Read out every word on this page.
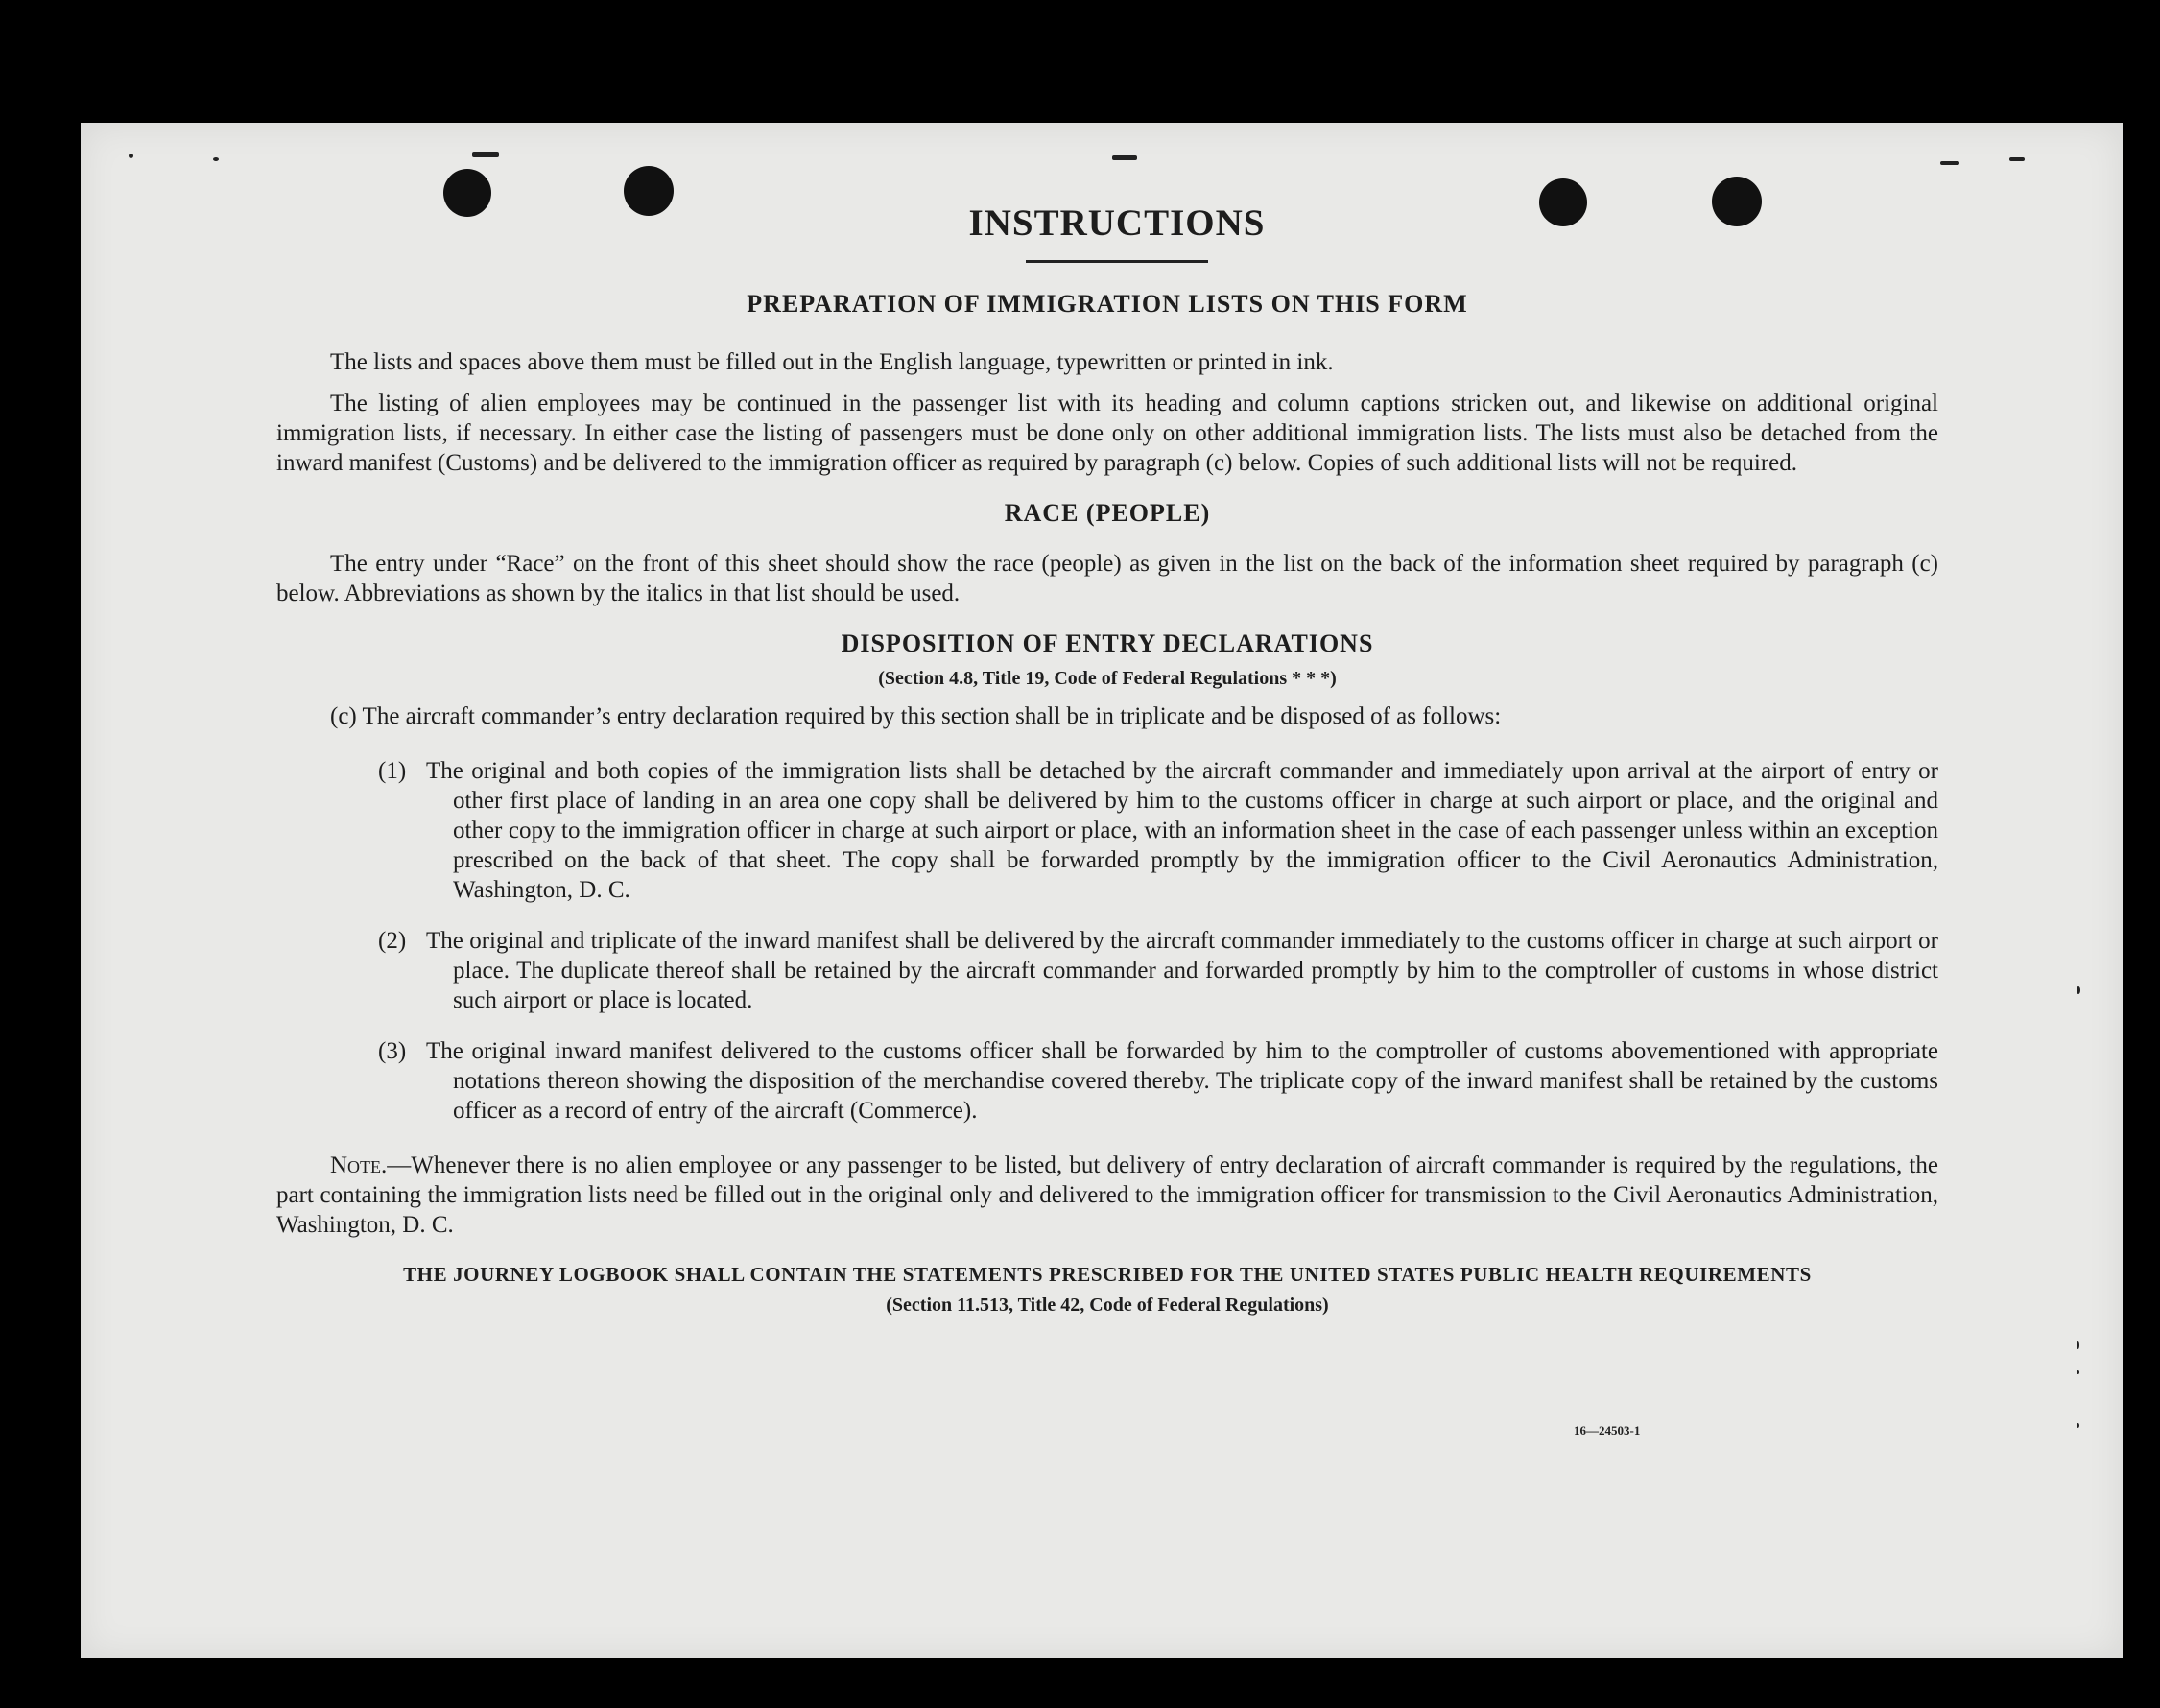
INSTRUCTIONS
PREPARATION OF IMMIGRATION LISTS ON THIS FORM

The lists and spaces above them must be filled out in the English language, typewritten or printed in ink.

The listing of alien employees may be continued in the passenger list with its heading and column captions stricken out, and likewise on additional original immigration lists, if necessary. In either case the listing of passengers must be done only on other additional immigration lists. The lists must also be detached from the inward manifest (Customs) and be delivered to the immigration officer as required by paragraph (c) below. Copies of such additional lists will not be required.

RACE (PEOPLE)

The entry under “Race” on the front of this sheet should show the race (people) as given in the list on the back of the information sheet required by paragraph (c) below. Abbreviations as shown by the italics in that list should be used.

DISPOSITION OF ENTRY DECLARATIONS

(Section 4.8, Title 19, Code of Federal Regulations * * *)

(c) The aircraft commander’s entry declaration required by this section shall be in triplicate and be disposed of as follows:

(1) The original and both copies of the immigration lists shall be detached by the aircraft commander and immediately upon arrival at the airport of entry or other first place of landing in an area one copy shall be delivered by him to the customs officer in charge at such airport or place, and the original and other copy to the immigration officer in charge at such airport or place, with an information sheet in the case of each passenger unless within an exception prescribed on the back of that sheet. The copy shall be forwarded promptly by the immigration officer to the Civil Aeronautics Administration, Washington, D. C.
(2) The original and triplicate of the inward manifest shall be delivered by the aircraft commander immediately to the customs officer in charge at such airport or place. The duplicate thereof shall be retained by the aircraft commander and forwarded promptly by him to the comptroller of customs in whose district such airport or place is located.
(3) The original inward manifest delivered to the customs officer shall be forwarded by him to the comptroller of customs abovementioned with appropriate notations thereon showing the disposition of the merchandise covered thereby. The triplicate copy of the inward manifest shall be retained by the customs officer as a record of entry of the aircraft (Commerce).

Note.—Whenever there is no alien employee or any passenger to be listed, but delivery of entry declaration of aircraft commander is required by the regulations, the part containing the immigration lists need be filled out in the original only and delivered to the immigration officer for transmission to the Civil Aeronautics Administration, Washington, D. C.

THE JOURNEY LOGBOOK SHALL CONTAIN THE STATEMENTS PRESCRIBED FOR THE UNITED STATES PUBLIC HEALTH REQUIREMENTS

(Section 11.513, Title 42, Code of Federal Regulations)

16—24503-1
